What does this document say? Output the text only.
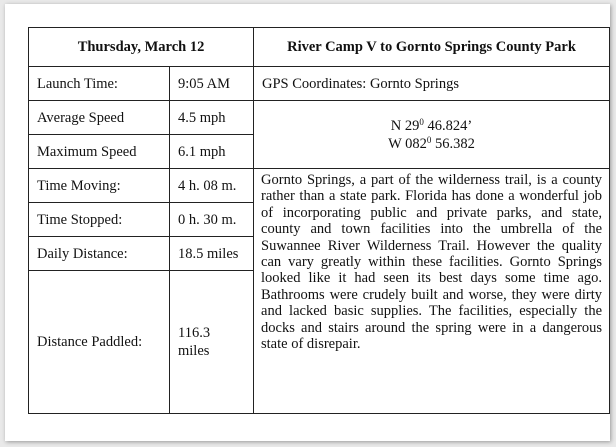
Thursday, March 12		River Camp V to Gornto Springs County Park
Launch Time:	9:05 AM	GPS Coordinates: Gornto Springs
Average Speed	4.5 mph	N $29^0$ 46.824’
W $082^0$ 56.382

Maximum Speed	6.1 mph	
Time Moving:	4 h. 08 m.	Gornto Springs, a part of the wilderness trail, is a county rather than a state park. Florida has done a wonderful job of incorporating public and private parks, and state, county and town facilities into the umbrella of the Suwannee River Wilderness Trail. However the quality can vary greatly within these facilities. Gornto Springs looked like it had seen its best days some time ago. Bathrooms were crudely built and worse, they were dirty and lacked basic supplies. The facilities, especially the docks and stairs around the spring were in a dangerous state of disrepair.
Time Stopped:	0 h. 30 m.	
Daily Distance:	18.5 miles	
Distance Paddled:	116.3 miles	
